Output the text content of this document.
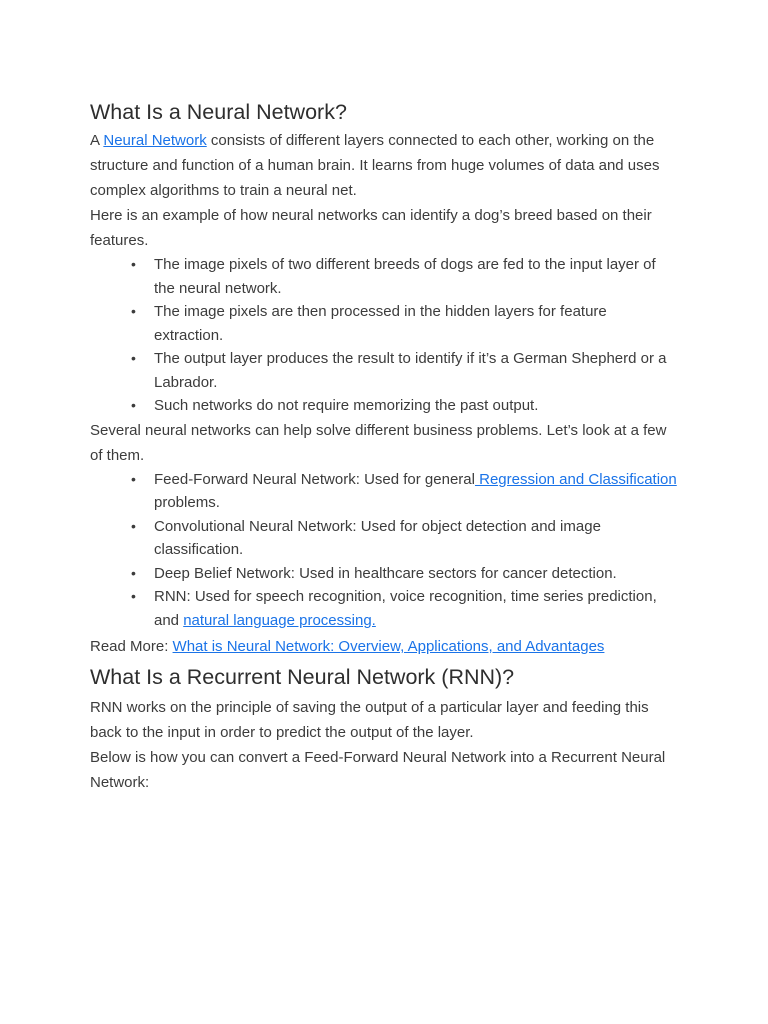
What Is a Neural Network?

A Neural Network consists of different layers connected to each other, working on the structure and function of a human brain. It learns from huge volumes of data and uses complex algorithms to train a neural net.

Here is an example of how neural networks can identify a dog’s breed based on their features.

• The image pixels of two different breeds of dogs are fed to the input layer of the neural network.
• The image pixels are then processed in the hidden layers for feature extraction.
• The output layer produces the result to identify if it’s a German Shepherd or a Labrador.
• Such networks do not require memorizing the past output.

Several neural networks can help solve different business problems. Let’s look at a few of them.

• Feed-Forward Neural Network: Used for general Regression and Classification problems.
• Convolutional Neural Network: Used for object detection and image classification.
• Deep Belief Network: Used in healthcare sectors for cancer detection.
• RNN: Used for speech recognition, voice recognition, time series prediction, and natural language processing.

Read More: What is Neural Network: Overview, Applications, and Advantages

What Is a Recurrent Neural Network (RNN)?

RNN works on the principle of saving the output of a particular layer and feeding this back to the input in order to predict the output of the layer.

Below is how you can convert a Feed-Forward Neural Network into a Recurrent Neural Network:
